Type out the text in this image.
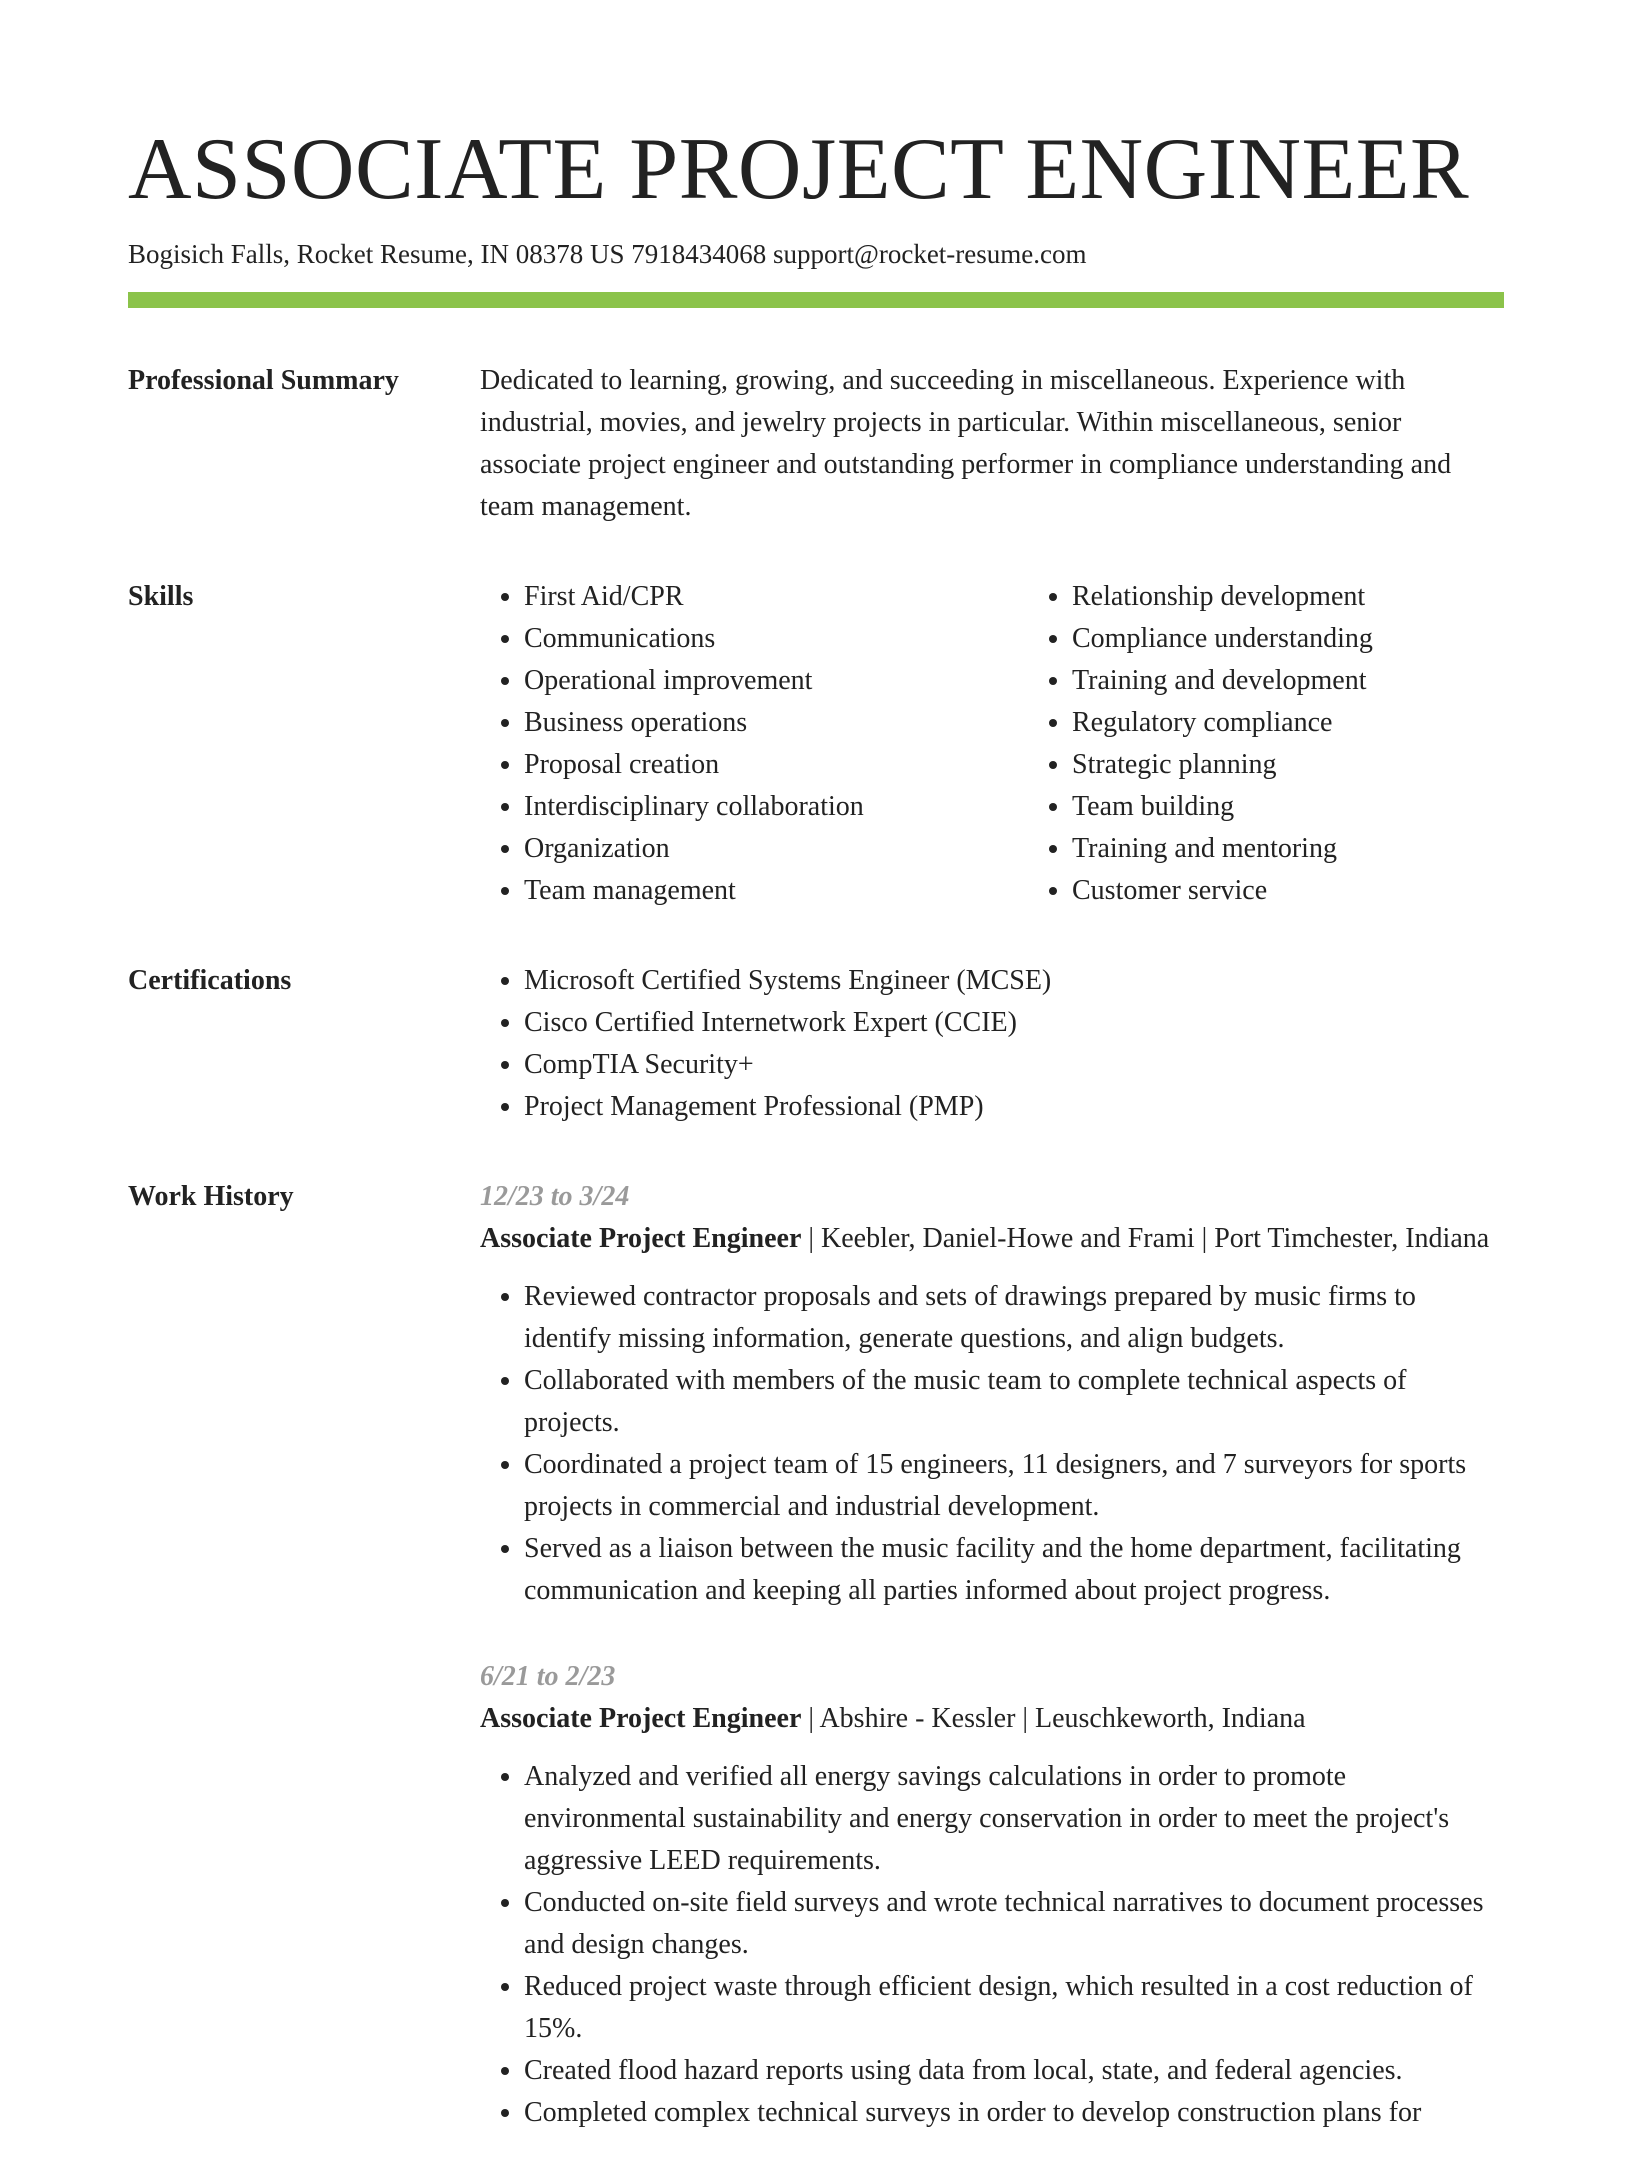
ASSOCIATE PROJECT ENGINEER
Bogisich Falls, Rocket Resume, IN 08378 US 7918434068 support@rocket-resume.com
Professional Summary	Dedicated to learning, growing, and succeeding in miscellaneous. Experience with industrial, movies, and jewelry projects in particular. Within miscellaneous, senior associate project engineer and outstanding performer in compliance understanding and team management.

Skills	• First Aid/CPR
• Communications
• Operational improvement
• Business operations
• Proposal creation
• Interdisciplinary collaboration
• Organization
• Team management
• Relationship development
• Compliance understanding
• Training and development
• Regulatory compliance
• Strategic planning
• Team building
• Training and mentoring
• Customer service
Certifications	• Microsoft Certified Systems Engineer (MCSE)
• Cisco Certified Internetwork Expert (CCIE)
• CompTIA Security+
• Project Management Professional (PMP)
Work History	12/23 to 3/24
Associate Project Engineer | Keebler, Daniel-Howe and Frami | Port Timchester, Indiana
• Reviewed contractor proposals and sets of drawings prepared by music firms to identify missing information, generate questions, and align budgets.
• Collaborated with members of the music team to complete technical aspects of projects.
• Coordinated a project team of 15 engineers, 11 designers, and 7 surveyors for sports projects in commercial and industrial development.
• Served as a liaison between the music facility and the home department, facilitating communication and keeping all parties informed about project progress.
6/21 to 2/23
Associate Project Engineer | Abshire - Kessler | Leuschkeworth, Indiana
• Analyzed and verified all energy savings calculations in order to promote environmental sustainability and energy conservation in order to meet the project's aggressive LEED requirements.
• Conducted on-site field surveys and wrote technical narratives to document processes and design changes.
• Reduced project waste through efficient design, which resulted in a cost reduction of 15%.
• Created flood hazard reports using data from local, state, and federal agencies.
• Completed complex technical surveys in order to develop construction plans for
